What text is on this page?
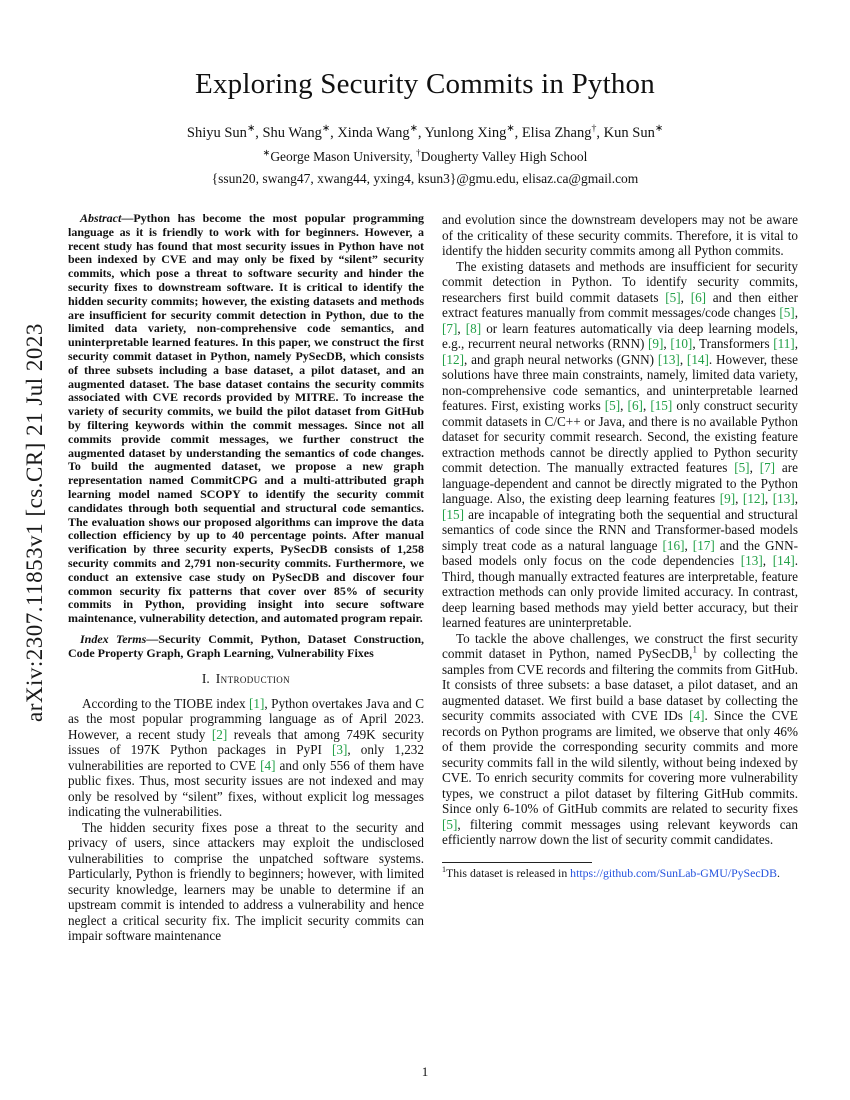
arXiv:2307.11853v1 [cs.CR] 21 Jul 2023
Exploring Security Commits in Python
Shiyu Sun∗, Shu Wang∗, Xinda Wang∗, Yunlong Xing∗, Elisa Zhang†, Kun Sun∗
∗George Mason University, †Dougherty Valley High School
{ssun20, swang47, xwang44, yxing4, ksun3}@gmu.edu, elisaz.ca@gmail.com

Abstract—Python has become the most popular programming language as it is friendly to work with for beginners. However, a recent study has found that most security issues in Python have not been indexed by CVE and may only be fixed by “silent” security commits, which pose a threat to software security and hinder the security fixes to downstream software. It is critical to identify the hidden security commits; however, the existing datasets and methods are insufficient for security commit detection in Python, due to the limited data variety, non-comprehensive code semantics, and uninterpretable learned features. In this paper, we construct the first security commit dataset in Python, namely PySecDB, which consists of three subsets including a base dataset, a pilot dataset, and an augmented dataset. The base dataset contains the security commits associated with CVE records provided by MITRE. To increase the variety of security commits, we build the pilot dataset from GitHub by filtering keywords within the commit messages. Since not all commits provide commit messages, we further construct the augmented dataset by understanding the semantics of code changes. To build the augmented dataset, we propose a new graph representation named CommitCPG and a multi-attributed graph learning model named SCOPY to identify the security commit candidates through both sequential and structural code semantics. The evaluation shows our proposed algorithms can improve the data collection efficiency by up to 40 percentage points. After manual verification by three security experts, PySecDB consists of 1,258 security commits and 2,791 non-security commits. Furthermore, we conduct an extensive case study on PySecDB and discover four common security fix patterns that cover over 85% of security commits in Python, providing insight into secure software maintenance, vulnerability detection, and automated program repair.

Index Terms—Security Commit, Python, Dataset Construction, Code Property Graph, Graph Learning, Vulnerability Fixes

I. Introduction

According to the TIOBE index [1], Python overtakes Java and C as the most popular programming language as of April 2023. However, a recent study [2] reveals that among 749K security issues of 197K Python packages in PyPI [3], only 1,232 vulnerabilities are reported to CVE [4] and only 556 of them have public fixes. Thus, most security issues are not indexed and may only be resolved by “silent” fixes, without explicit log messages indicating the vulnerabilities.

The hidden security fixes pose a threat to the security and privacy of users, since attackers may exploit the undisclosed vulnerabilities to comprise the unpatched software systems. Particularly, Python is friendly to beginners; however, with limited security knowledge, learners may be unable to determine if an upstream commit is intended to address a vulnerability and hence neglect a critical security fix. The implicit security commits can impair software maintenance

and evolution since the downstream developers may not be aware of the criticality of these security commits. Therefore, it is vital to identify the hidden security commits among all Python commits.

The existing datasets and methods are insufficient for security commit detection in Python. To identify security commits, researchers first build commit datasets [5], [6] and then either extract features manually from commit messages/code changes [5], [7], [8] or learn features automatically via deep learning models, e.g., recurrent neural networks (RNN) [9], [10], Transformers [11], [12], and graph neural networks (GNN) [13], [14]. However, these solutions have three main constraints, namely, limited data variety, non-comprehensive code semantics, and uninterpretable learned features. First, existing works [5], [6], [15] only construct security commit datasets in C/C++ or Java, and there is no available Python dataset for security commit research. Second, the existing feature extraction methods cannot be directly applied to Python security commit detection. The manually extracted features [5], [7] are language-dependent and cannot be directly migrated to the Python language. Also, the existing deep learning features [9], [12], [13], [15] are incapable of integrating both the sequential and structural semantics of code since the RNN and Transformer-based models simply treat code as a natural language [16], [17] and the GNN-based models only focus on the code dependencies [13], [14]. Third, though manually extracted features are interpretable, feature extraction methods can only provide limited accuracy. In contrast, deep learning based methods may yield better accuracy, but their learned features are uninterpretable.

To tackle the above challenges, we construct the first security commit dataset in Python, named PySecDB,$^1$ by collecting the samples from CVE records and filtering the commits from GitHub. It consists of three subsets: a base dataset, a pilot dataset, and an augmented dataset. We first build a base dataset by collecting the security commits associated with CVE IDs [4]. Since the CVE records on Python programs are limited, we observe that only 46% of them provide the corresponding security commits and more security commits fall in the wild silently, without being indexed by CVE. To enrich security commits for covering more vulnerability types, we construct a pilot dataset by filtering GitHub commits. Since only 6-10% of GitHub commits are related to security fixes [5], filtering commit messages using relevant keywords can efficiently narrow down the list of security commit candidates.

$^1$This dataset is released in https://github.com/SunLab-GMU/PySecDB.

1
